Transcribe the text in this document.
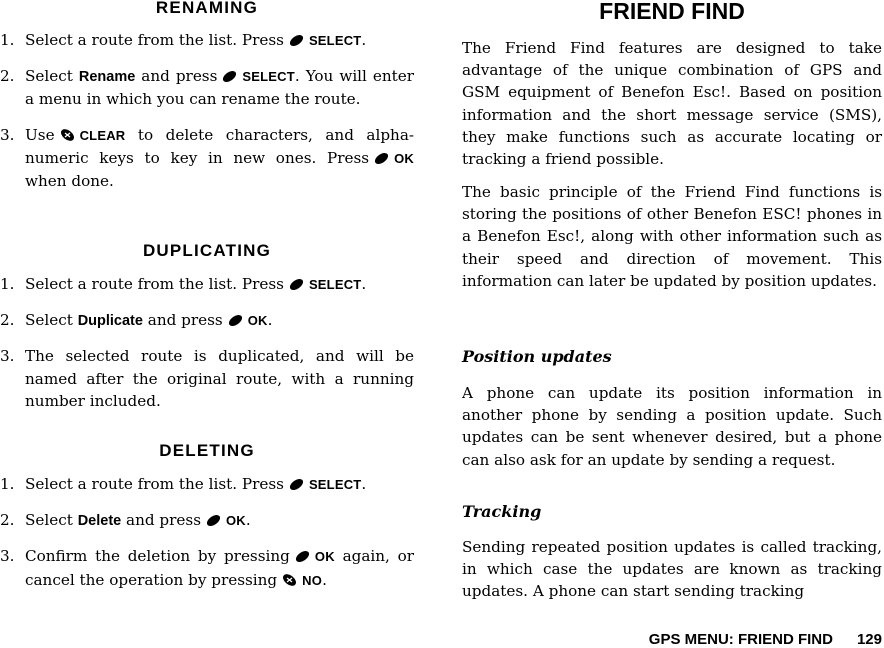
RENAMING
1. Select a route from the list. Press SELECT.
2. Select Rename and press SELECT. You will enter a menu in which you can rename the route.
3. Use CLEAR to delete characters, and alpha-numeric keys to key in new ones. Press OK when done.
DUPLICATING
1. Select a route from the list. Press SELECT.
2. Select Duplicate and press OK.
3. The selected route is duplicated, and will be named after the original route, with a running number included.
DELETING
1. Select a route from the list. Press SELECT.
2. Select Delete and press OK.
3. Confirm the deletion by pressing OK again, or cancel the operation by pressing NO.
FRIEND FIND

The Friend Find features are designed to take advantage of the unique combination of GPS and GSM equipment of Benefon Esc!. Based on position information and the short message service (SMS), they make functions such as accurate locating or tracking a friend possible.

The basic principle of the Friend Find functions is storing the positions of other Benefon ESC! phones in a Benefon Esc!, along with other information such as their speed and direction of movement. This information can later be updated by position updates.

Position updates

A phone can update its position information in another phone by sending a position update. Such updates can be sent whenever desired, but a phone can also ask for an update by sending a request.

Tracking

Sending repeated position updates is called tracking, in which case the updates are known as tracking updates. A phone can start sending tracking

GPS MENU: FRIEND FIND 129
